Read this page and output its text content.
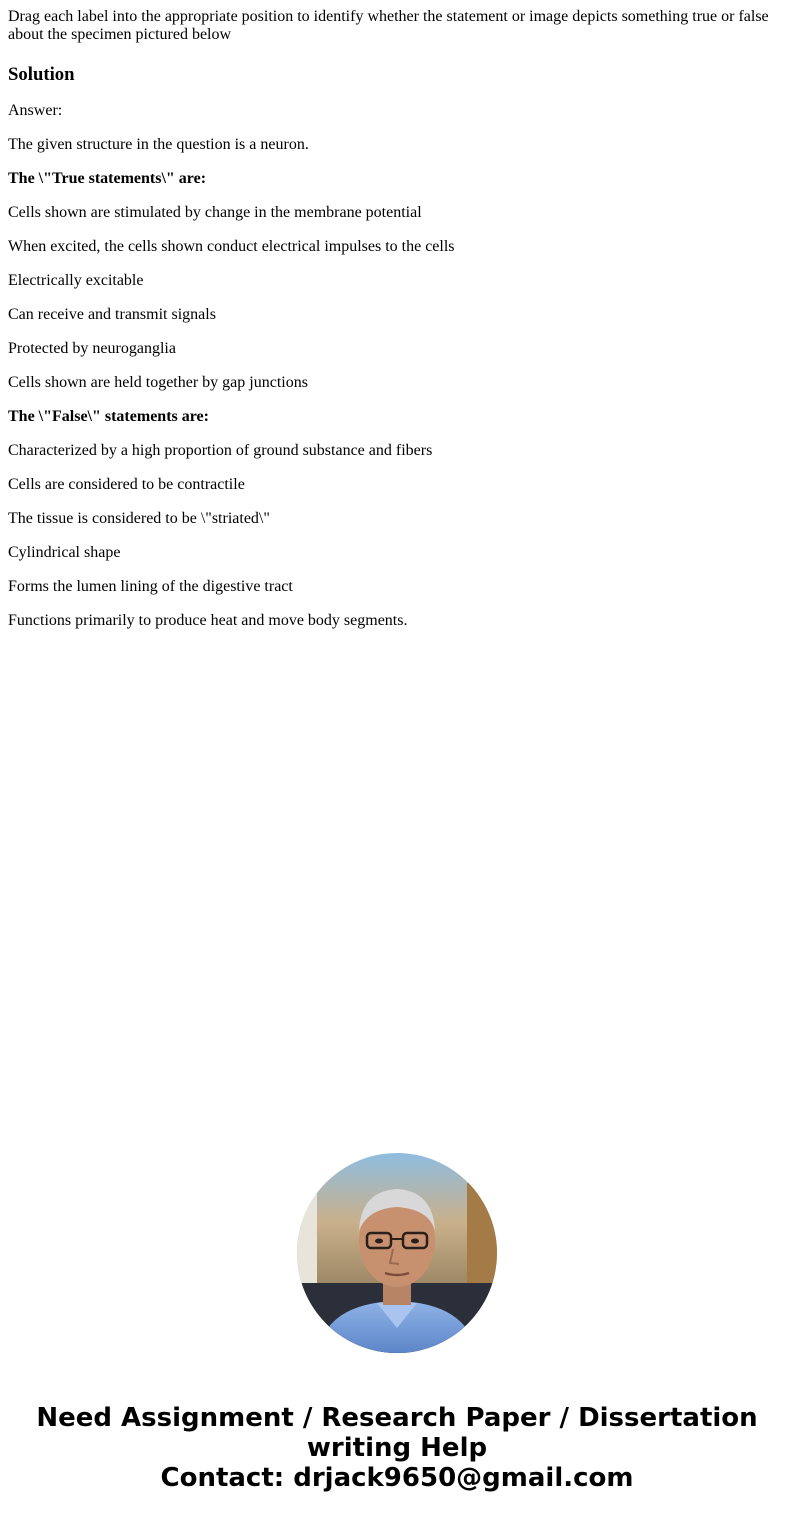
Drag each label into the appropriate position to identify whether the statement or image depicts something true or false about the specimen pictured below

Solution

Answer:

The given structure in the question is a neuron.

The \"True statements\" are:

Cells shown are stimulated by change in the membrane potential

When excited, the cells shown conduct electrical impulses to the cells

Electrically excitable

Can receive and transmit signals

Protected by neuroganglia

Cells shown are held together by gap junctions

The \"False\" statements are:

Characterized by a high proportion of ground substance and fibers

Cells are considered to be contractile

The tissue is considered to be \"striated\"

Cylindrical shape

Forms the lumen lining of the digestive tract

Functions primarily to produce heat and move body segments.

Need Assignment / Research Paper / Dissertation
writing Help
Contact: drjack9650@gmail.com
